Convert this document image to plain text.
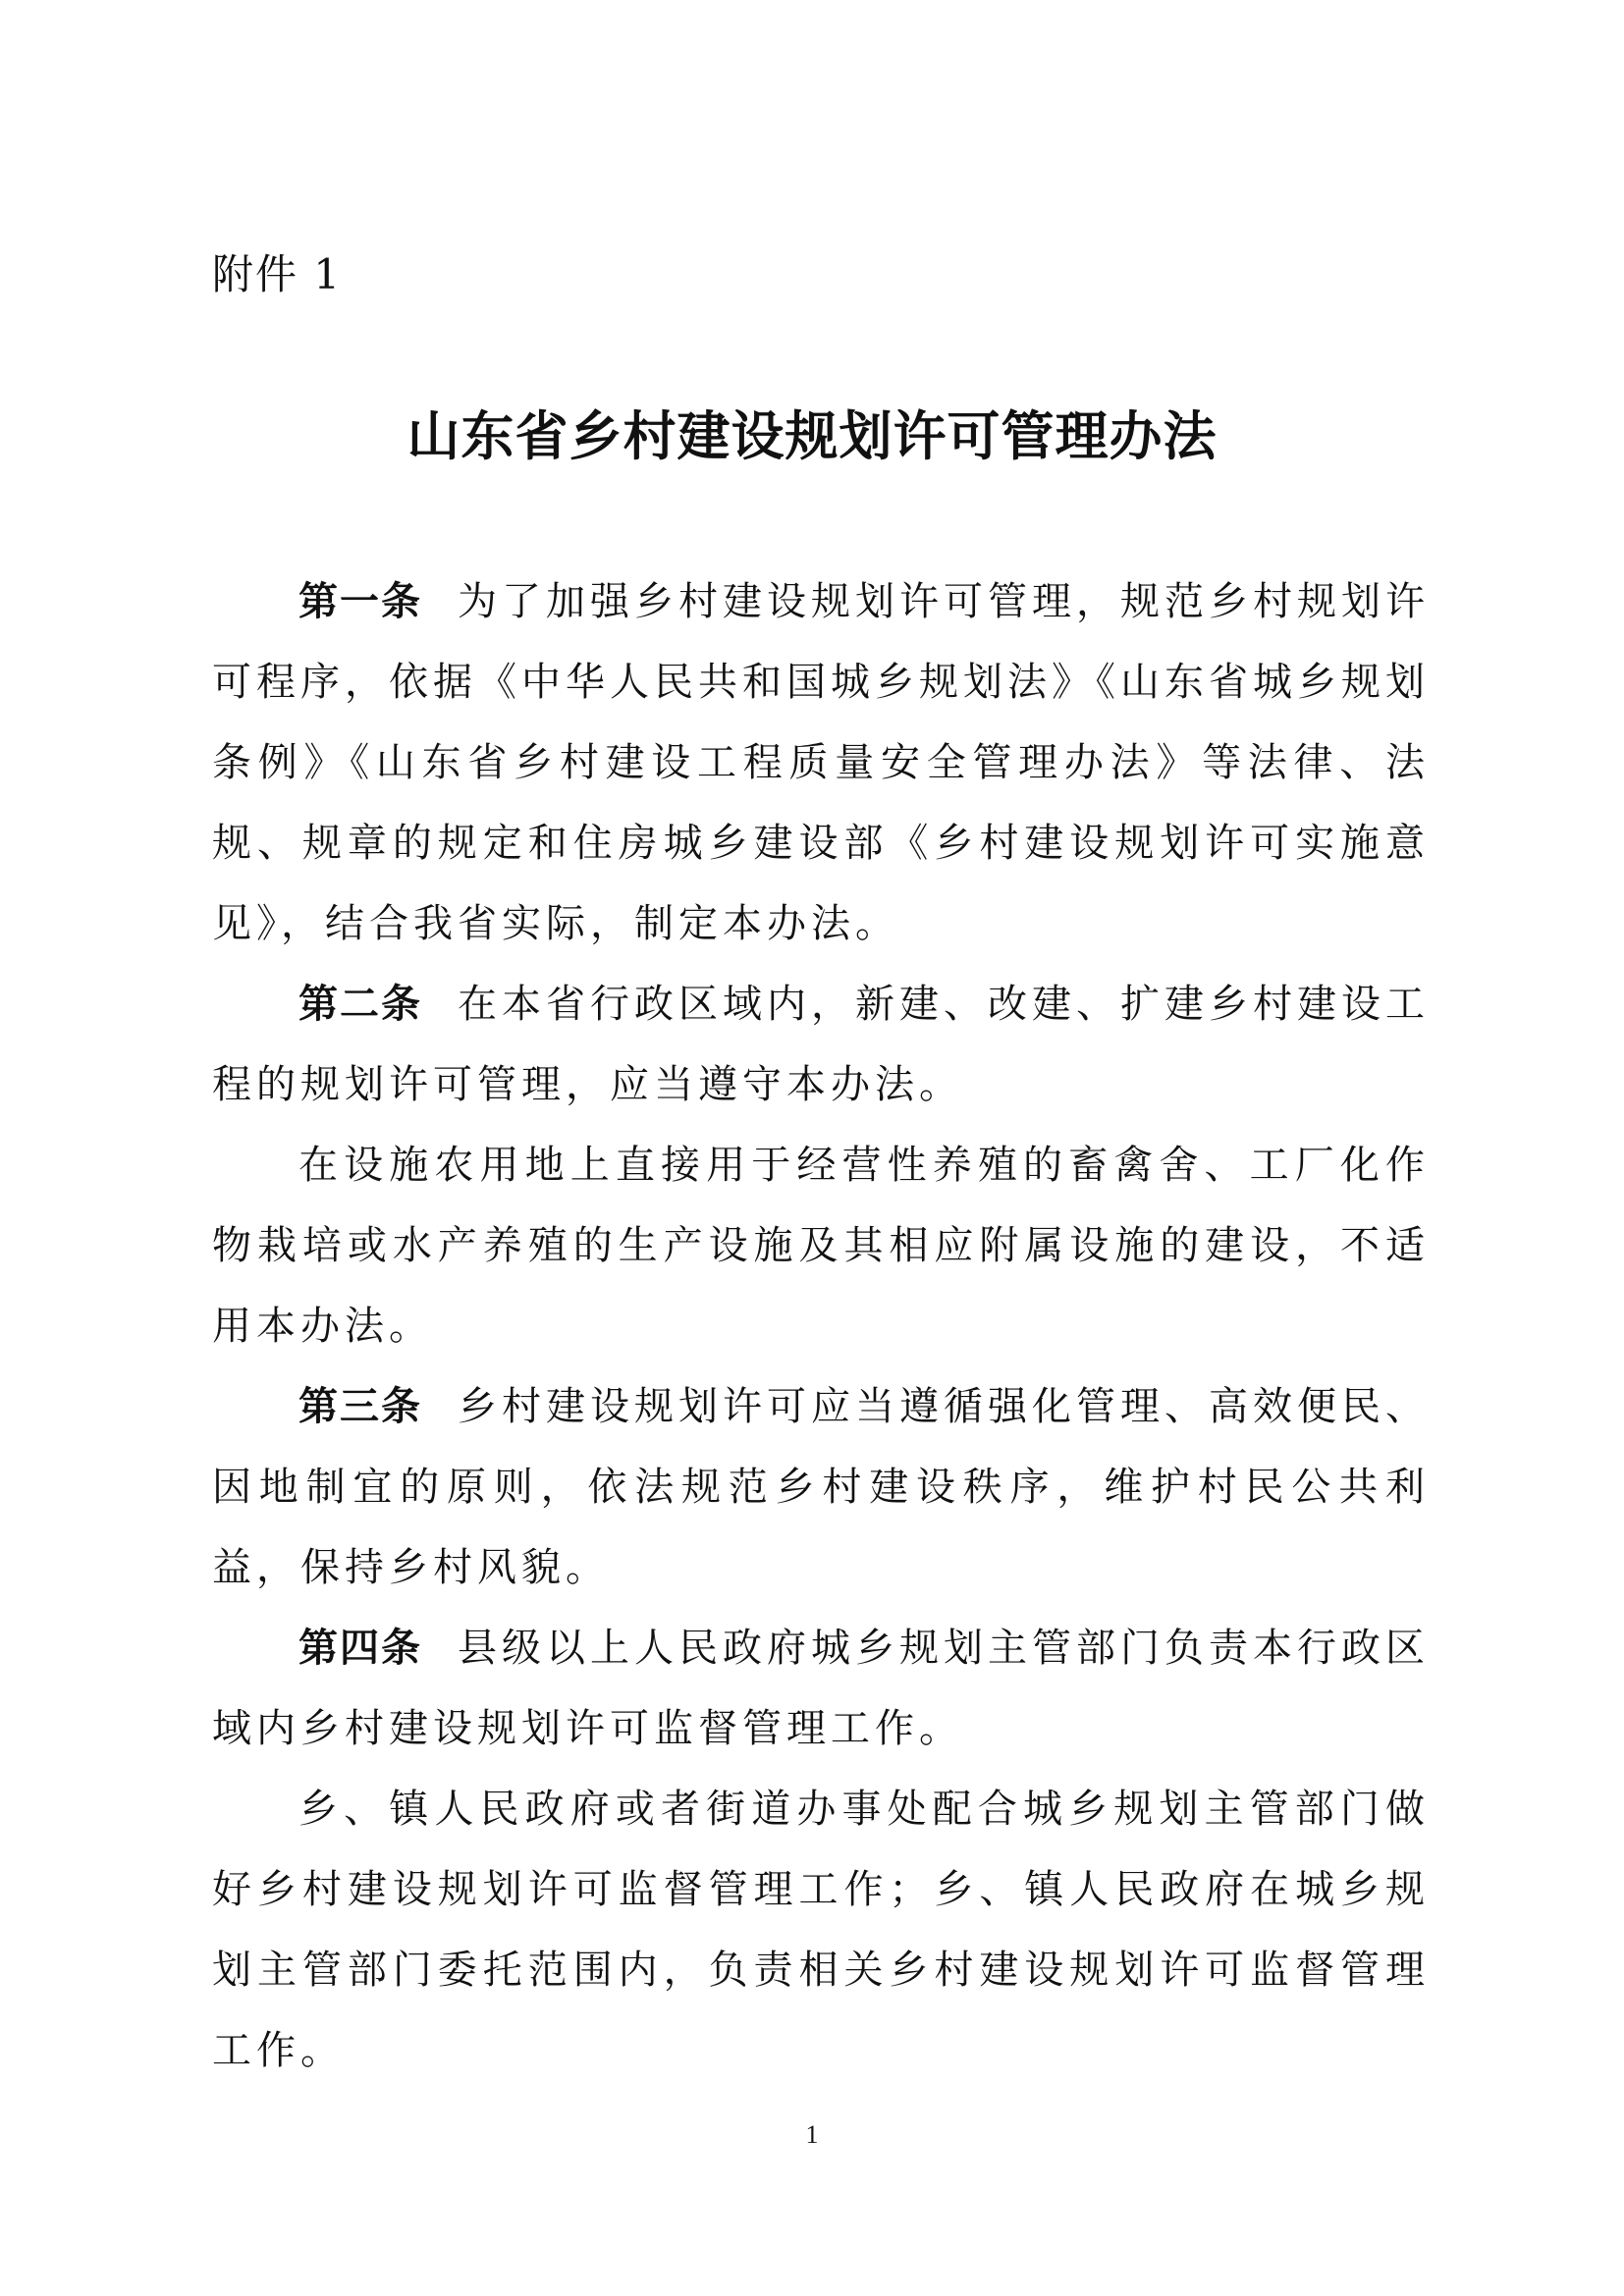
附件 1
山东省乡村建设规划许可管理办法

第一条 为了加强乡村建设规划许可管理，规范乡村规划许可程序，依据《中华人民共和国城乡规划法》《山东省城乡规划条例》《山东省乡村建设工程质量安全管理办法》等法律、法规、规章的规定和住房城乡建设部《乡村建设规划许可实施意见》，结合我省实际，制定本办法。

第二条 在本省行政区域内，新建、改建、扩建乡村建设工程的规划许可管理，应当遵守本办法。

在设施农用地上直接用于经营性养殖的畜禽舍、工厂化作物栽培或水产养殖的生产设施及其相应附属设施的建设，不适用本办法。

第三条 乡村建设规划许可应当遵循强化管理、高效便民、因地制宜的原则，依法规范乡村建设秩序，维护村民公共利益，保持乡村风貌。

第四条 县级以上人民政府城乡规划主管部门负责本行政区域内乡村建设规划许可监督管理工作。

乡、镇人民政府或者街道办事处配合城乡规划主管部门做好乡村建设规划许可监督管理工作；乡、镇人民政府在城乡规划主管部门委托范围内，负责相关乡村建设规划许可监督管理工作。

1
